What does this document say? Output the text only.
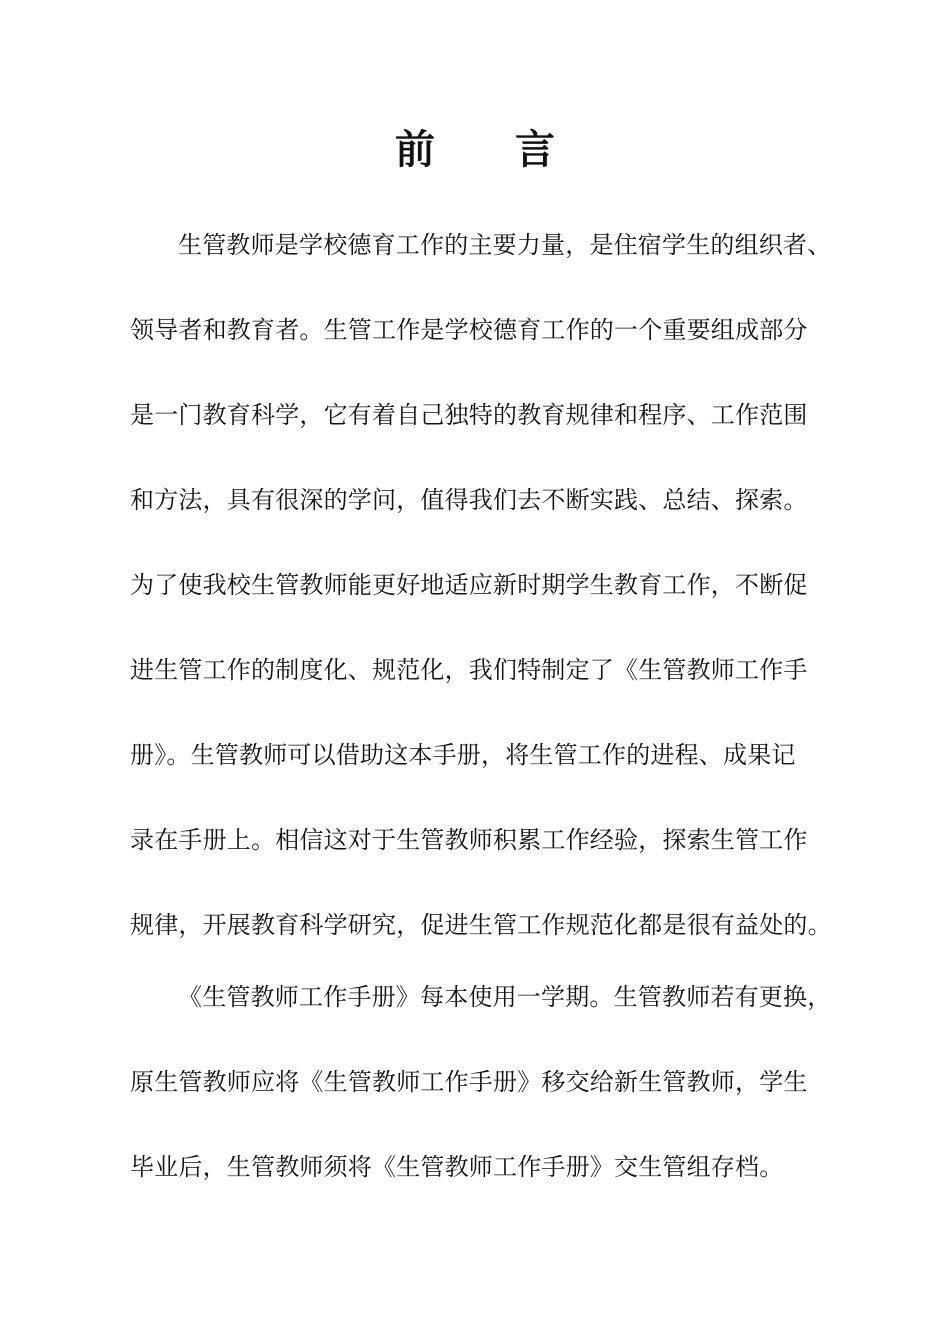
前 言
生管教师是学校德育工作的主要力量，是住宿学生的组织者、
领导者和教育者。生管工作是学校德育工作的一个重要组成部分
是一门教育科学，它有着自己独特的教育规律和程序、工作范围
和方法，具有很深的学问，值得我们去不断实践、总结、探索。
为了使我校生管教师能更好地适应新时期学生教育工作，不断促
进生管工作的制度化、规范化，我们特制定了《生管教师工作手
册》。生管教师可以借助这本手册，将生管工作的进程、成果记
录在手册上。相信这对于生管教师积累工作经验，探索生管工作
规律，开展教育科学研究，促进生管工作规范化都是很有益处的。
《生管教师工作手册》每本使用一学期。生管教师若有更换，
原生管教师应将《生管教师工作手册》移交给新生管教师，学生
毕业后，生管教师须将《生管教师工作手册》交生管组存档。
